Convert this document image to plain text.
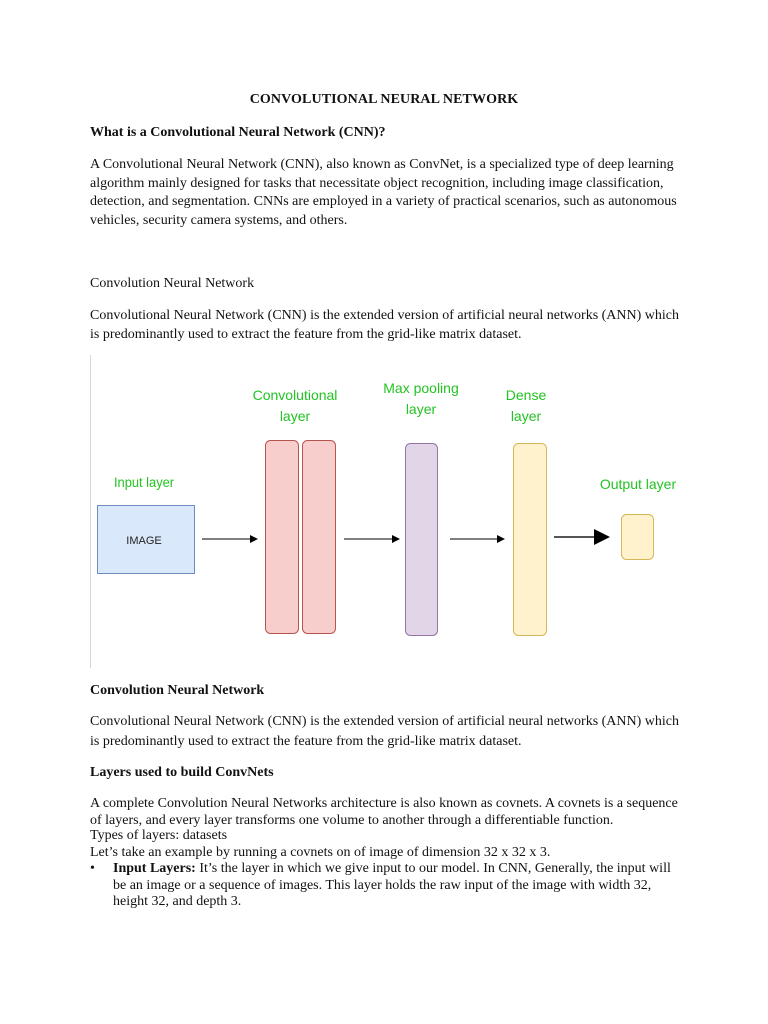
CONVOLUTIONAL NEURAL NETWORK
What is a Convolutional Neural Network (CNN)?
A Convolutional Neural Network (CNN), also known as ConvNet, is a specialized type of deep learning algorithm mainly designed for tasks that necessitate object recognition, including image classification, detection, and segmentation. CNNs are employed in a variety of practical scenarios, such as autonomous vehicles, security camera systems, and others.
Convolution Neural Network
Convolutional Neural Network (CNN) is the extended version of artificial neural networks (ANN) which is predominantly used to extract the feature from the grid-like matrix dataset.
Input layer
Convolutional
layer
Max pooling
layer
Dense
layer
Output layer
IMAGE
Convolution Neural Network
Convolutional Neural Network (CNN) is the extended version of artificial neural networks (ANN) which is predominantly used to extract the feature from the grid-like matrix dataset.
Layers used to build ConvNets
A complete Convolution Neural Networks architecture is also known as covnets. A covnets is a sequence of layers, and every layer transforms one volume to another through a differentiable function.
Types of layers: datasets
Let’s take an example by running a covnets on of image of dimension 32 x 32 x 3.
• Input Layers: It’s the layer in which we give input to our model. In CNN, Generally, the input will be an image or a sequence of images. This layer holds the raw input of the image with width 32, height 32, and depth 3.
